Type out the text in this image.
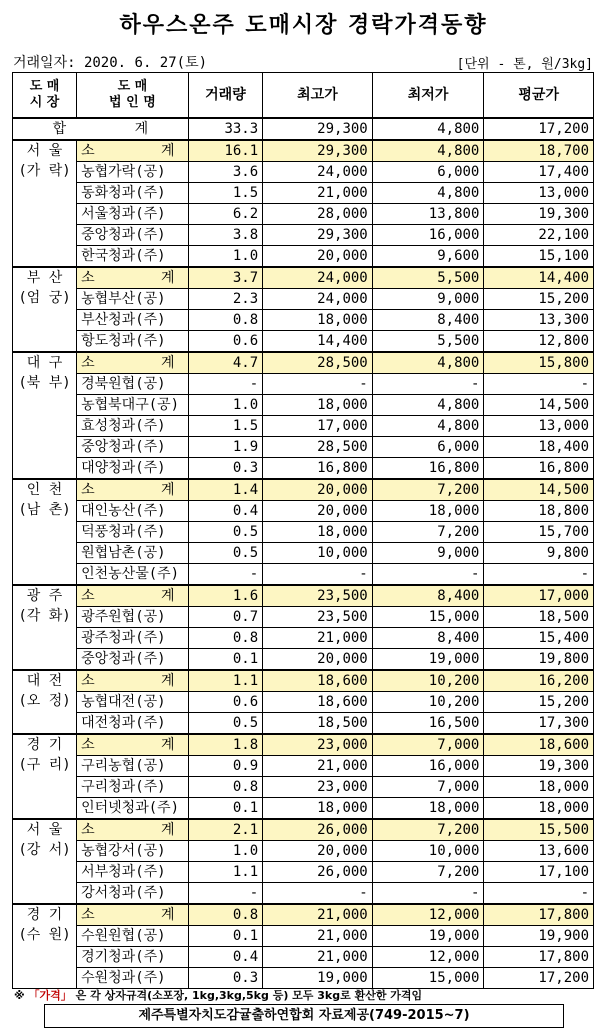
하우스온주 도매시장 경락가격동향
거래일자: 2020. 6. 27(토)	[단위 - 톤, 원/3kg]
도 매
시 장	도 매
법 인 명	거래량	최고가	최저가	평균가
합 계		33.3	29,300	4,800	17,200

서 울
(가 락)	소 계	16.1	29,300	4,800	18,700
	농협가락(공)	3.6	24,000	6,000	17,400
	동화청과(주)	1.5	21,000	4,800	13,000
	서울청과(주)	6.2	28,000	13,800	19,300
	중앙청과(주)	3.8	29,300	16,000	22,100
	한국청과(주)	1.0	20,000	9,600	15,100

부 산
(엄 궁)	소 계	3.7	24,000	5,500	14,400
	농협부산(공)	2.3	24,000	9,000	15,200
	부산청과(주)	0.8	18,000	8,400	13,300
	항도청과(주)	0.6	14,400	5,500	12,800

대 구
(북 부)	소 계	4.7	28,500	4,800	15,800
	경북원협(공)	-	-	-	-
	농협북대구(공)	1.0	18,000	4,800	14,500
	효성청과(주)	1.5	17,000	4,800	13,000
	중앙청과(주)	1.9	28,500	6,000	18,400
	대양청과(주)	0.3	16,800	16,800	16,800

인 천
(남 촌)	소 계	1.4	20,000	7,200	14,500
	대인농산(주)	0.4	20,000	18,000	18,800
	덕풍청과(주)	0.5	18,000	7,200	15,700
	원협남촌(공)	0.5	10,000	9,000	9,800
	인천농산물(주)	-	-	-	-

광 주
(각 화)	소 계	1.6	23,500	8,400	17,000
	광주원협(공)	0.7	23,500	15,000	18,500
	광주청과(주)	0.8	21,000	8,400	15,400
	중앙청과(주)	0.1	20,000	19,000	19,800

대 전
(오 정)	소 계	1.1	18,600	10,200	16,200
	농협대전(공)	0.6	18,600	10,200	15,200
	대전청과(주)	0.5	18,500	16,500	17,300

경 기
(구 리)	소 계	1.8	23,000	7,000	18,600
	구리농협(공)	0.9	21,000	16,000	19,300
	구리청과(주)	0.8	23,000	7,000	18,000
	인터넷청과(주)	0.1	18,000	18,000	18,000

서 울
(강 서)	소 계	2.1	26,000	7,200	15,500
	농협강서(공)	1.0	20,000	10,000	13,600
	서부청과(주)	1.1	26,000	7,200	17,100
	강서청과(주)	-	-	-	-

경 기
(수 원)	소 계	0.8	21,000	12,000	17,800
	수원원협(공)	0.1	21,000	19,000	19,900
	경기청과(주)	0.4	21,000	12,000	17,800
	수원청과(주)	0.3	19,000	15,000	17,200
※ 「가격」 은 각 상자규격(소포장, 1kg,3kg,5kg 등) 모두 3kg로 환산한 가격임
제주특별자치도감귤출하연합회 자료제공(749-2015~7)
